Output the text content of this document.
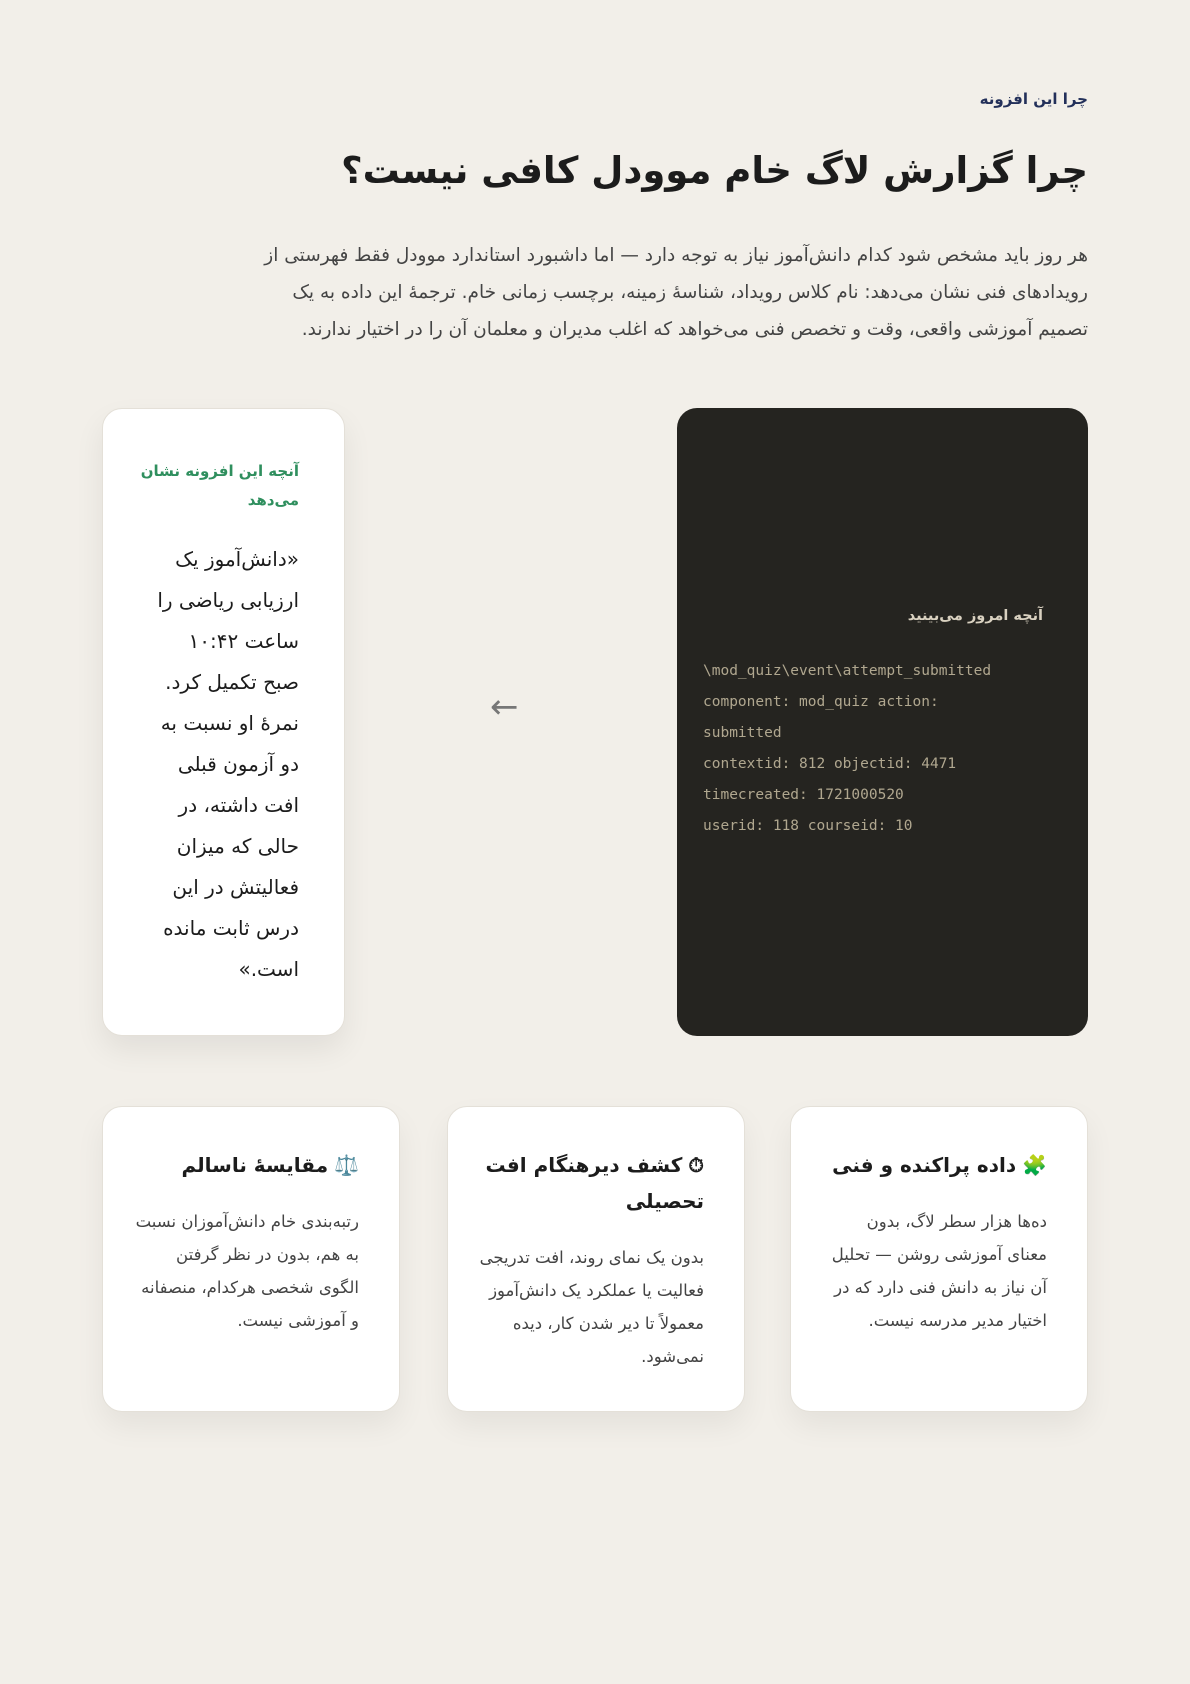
چرا این افزونه
چرا گزارش لاگ خام موودل کافی نیست؟

هر روز باید مشخص شود کدام دانش‌آموز نیاز به توجه دارد — اما داشبورد استاندارد موودل فقط فهرستی از رویدادهای فنی نشان می‌دهد: نام کلاس رویداد، شناسهٔ زمینه، برچسب زمانی خام. ترجمهٔ این داده به یک تصمیم آموزشی واقعی، وقت و تخصص فنی می‌خواهد که اغلب مدیران و معلمان آن را در اختیار ندارند.

آنچه امروز می‌بینید
\mod_quiz\event\attempt_submitted
component: mod_quiz action:
submitted
contextid: 812 objectid: 4471
timecreated: 1721000520
userid: 118 courseid: 10
←
آنچه این افزونه نشان می‌دهد
«دانش‌آموز یک ارزیابی ریاضی را ساعت ۱۰:۴۲ صبح تکمیل کرد. نمرهٔ او نسبت به دو آزمون قبلی افت داشته، در حالی که میزان فعالیتش در این درس ثابت مانده است.»
🧩داده پراکنده و فنی
ده‌ها هزار سطر لاگ، بدون معنای آموزشی روشن — تحلیل آن نیاز به دانش فنی دارد که در اختیار مدیر مدرسه نیست.
⏱کشف دیرهنگام افت تحصیلی
بدون یک نمای روند، افت تدریجی فعالیت یا عملکرد یک دانش‌آموز معمولاً تا دیر شدن کار، دیده نمی‌شود.
⚖️مقایسهٔ ناسالم
رتبه‌بندی خام دانش‌آموزان نسبت به هم، بدون در نظر گرفتن الگوی شخصی هرکدام، منصفانه و آموزشی نیست.
